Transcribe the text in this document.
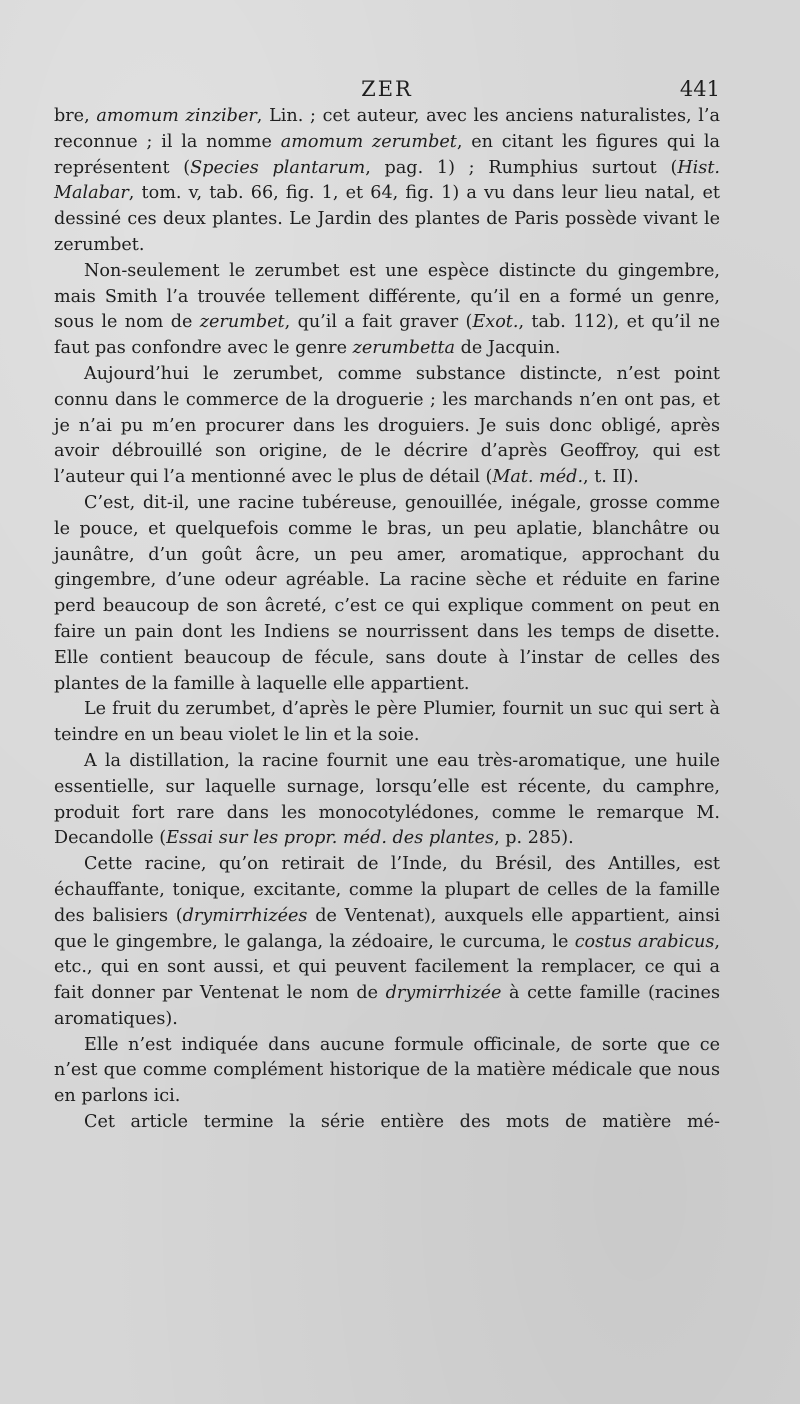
ZER	441

bre, amomum zinziber, Lin. ; cet auteur, avec les anciens naturalistes, l’a reconnue ; il la nomme amomum zerumbet, en citant les figures qui la représentent (Species plantarum, pag. 1) ; Rumphius surtout (Hist. Malabar, tom. v, tab. 66, fig. 1, et 64, fig. 1) a vu dans leur lieu natal, et dessiné ces deux plantes. Le Jardin des plantes de Paris possède vivant le zerumbet.

Non-seulement le zerumbet est une espèce distincte du gingembre, mais Smith l’a trouvée tellement différente, qu’il en a formé un genre, sous le nom de zerumbet, qu’il a fait graver (Exot., tab. 112), et qu’il ne faut pas confondre avec le genre zerumbetta de Jacquin.

Aujourd’hui le zerumbet, comme substance distincte, n’est point connu dans le commerce de la droguerie ; les marchands n’en ont pas, et je n’ai pu m’en procurer dans les droguiers. Je suis donc obligé, après avoir débrouillé son origine, de le décrire d’après Geoffroy, qui est l’auteur qui l’a mentionné avec le plus de détail (Mat. méd., t. II).

C’est, dit-il, une racine tubéreuse, genouillée, inégale, grosse comme le pouce, et quelquefois comme le bras, un peu aplatie, blanchâtre ou jaunâtre, d’un goût âcre, un peu amer, aromatique, approchant du gingembre, d’une odeur agréable. La racine sèche et réduite en farine perd beaucoup de son âcreté, c’est ce qui explique comment on peut en faire un pain dont les Indiens se nourrissent dans les temps de disette. Elle contient beaucoup de fécule, sans doute à l’instar de celles des plantes de la famille à laquelle elle appartient.

Le fruit du zerumbet, d’après le père Plumier, fournit un suc qui sert à teindre en un beau violet le lin et la soie.

A la distillation, la racine fournit une eau très-aromatique, une huile essentielle, sur laquelle surnage, lorsqu’elle est récente, du camphre, produit fort rare dans les monocotylédones, comme le remarque M. Decandolle (Essai sur les propr. méd. des plantes, p. 285).

Cette racine, qu’on retirait de l’Inde, du Brésil, des Antilles, est échauffante, tonique, excitante, comme la plupart de celles de la famille des balisiers (drymirrhizées de Ventenat), auxquels elle appartient, ainsi que le gingembre, le galanga, la zédoaire, le curcuma, le costus arabicus, etc., qui en sont aussi, et qui peuvent facilement la remplacer, ce qui a fait donner par Ventenat le nom de drymirrhizée à cette famille (racines aromatiques).

Elle n’est indiquée dans aucune formule officinale, de sorte que ce n’est que comme complément historique de la matière médicale que nous en parlons ici.

Cet article termine la série entière des mots de matière mé-
